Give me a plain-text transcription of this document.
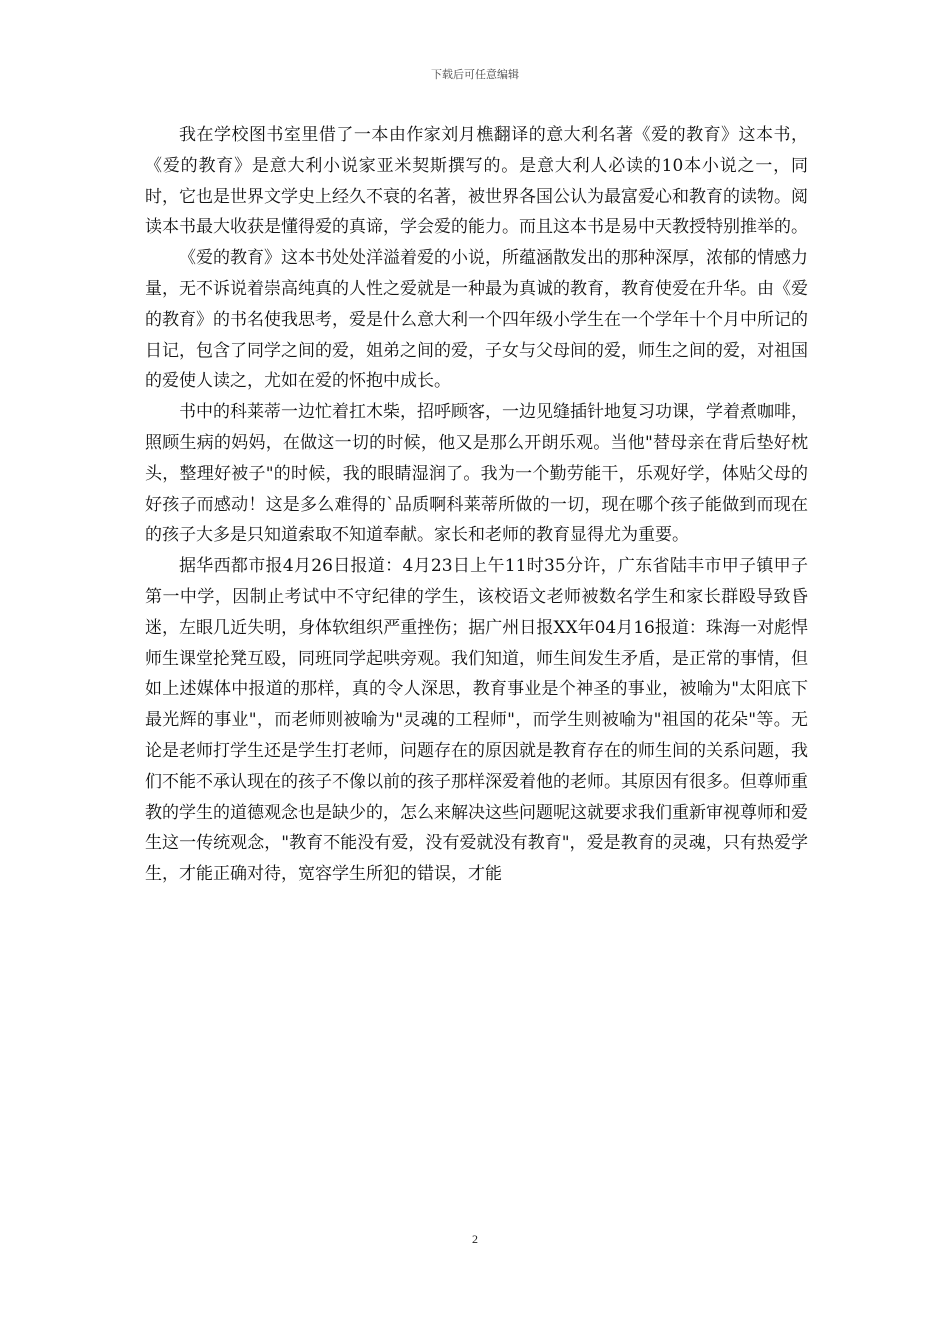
下载后可任意编辑

我在学校图书室里借了一本由作家刘月樵翻译的意大利名著《爱的教育》这本书，《爱的教育》是意大利小说家亚米契斯撰写的。是意大利人必读的10本小说之一，同时，它也是世界文学史上经久不衰的名著，被世界各国公认为最富爱心和教育的读物。阅读本书最大收获是懂得爱的真谛，学会爱的能力。而且这本书是易中天教授特别推举的。

《爱的教育》这本书处处洋溢着爱的小说，所蕴涵散发出的那种深厚，浓郁的情感力量，无不诉说着崇高纯真的人性之爱就是一种最为真诚的教育，教育使爱在升华。由《爱的教育》的书名使我思考，爱是什么意大利一个四年级小学生在一个学年十个月中所记的日记，包含了同学之间的爱，姐弟之间的爱，子女与父母间的爱，师生之间的爱，对祖国的爱使人读之，尤如在爱的怀抱中成长。

书中的科莱蒂一边忙着扛木柴，招呼顾客，一边见缝插针地复习功课，学着煮咖啡，照顾生病的妈妈，在做这一切的时候，他又是那么开朗乐观。当他"替母亲在背后垫好枕头，整理好被子"的时候，我的眼睛湿润了。我为一个勤劳能干，乐观好学，体贴父母的好孩子而感动！这是多么难得的`品质啊科莱蒂所做的一切，现在哪个孩子能做到而现在的孩子大多是只知道索取不知道奉献。家长和老师的教育显得尤为重要。

据华西都市报4月26日报道：4月23日上午11时35分许，广东省陆丰市甲子镇甲子第一中学，因制止考试中不守纪律的学生，该校语文老师被数名学生和家长群殴导致昏迷，左眼几近失明，身体软组织严重挫伤；据广州日报XX年04月16报道：珠海一对彪悍师生课堂抡凳互殴，同班同学起哄旁观。我们知道，师生间发生矛盾，是正常的事情，但如上述媒体中报道的那样，真的令人深思，教育事业是个神圣的事业，被喻为"太阳底下最光辉的事业"，而老师则被喻为"灵魂的工程师"，而学生则被喻为"祖国的花朵"等。无论是老师打学生还是学生打老师，问题存在的原因就是教育存在的师生间的关系问题，我们不能不承认现在的孩子不像以前的孩子那样深爱着他的老师。其原因有很多。但尊师重教的学生的道德观念也是缺少的，怎么来解决这些问题呢这就要求我们重新审视尊师和爱生这一传统观念，"教育不能没有爱，没有爱就没有教育"，爱是教育的灵魂，只有热爱学生，才能正确对待，宽容学生所犯的错误，才能

2
